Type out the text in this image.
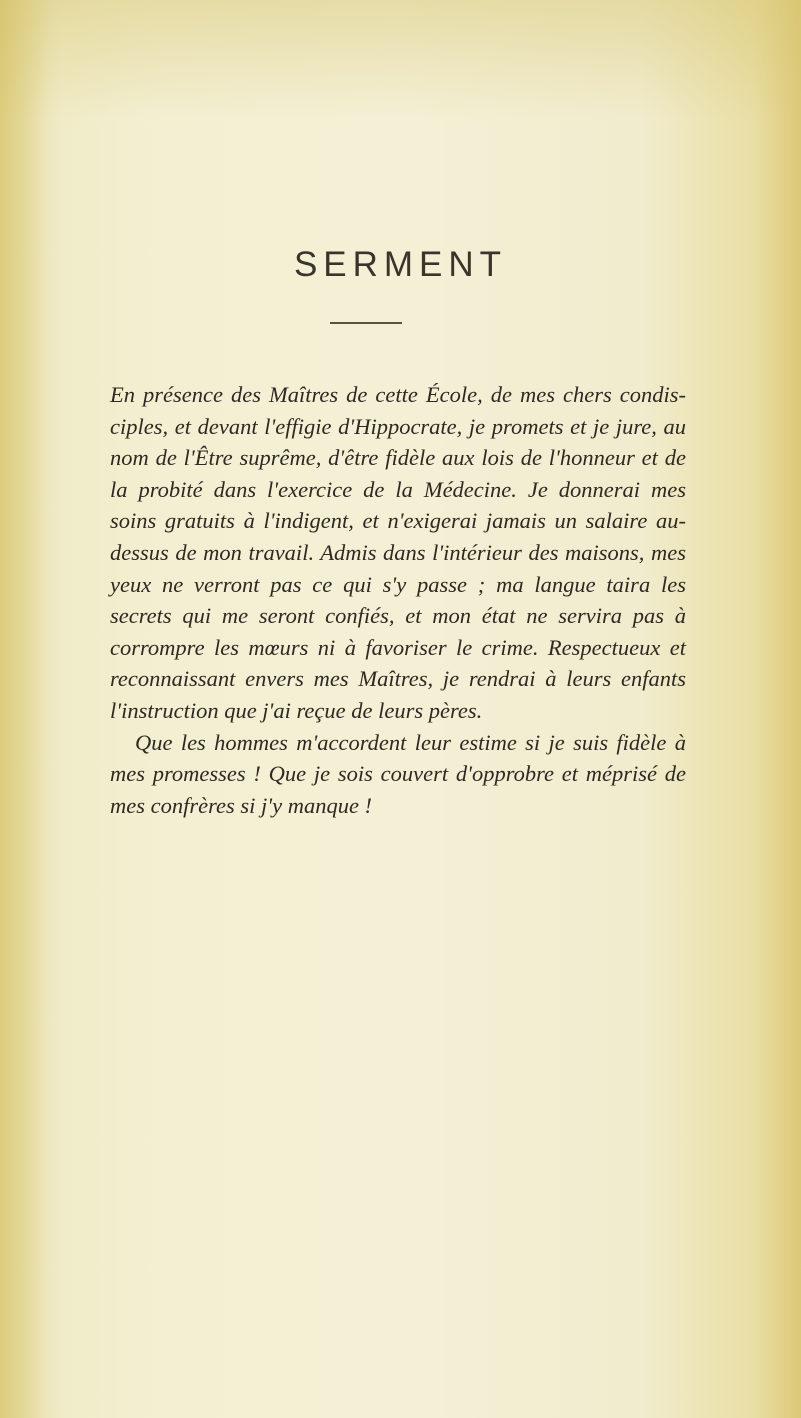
SERMENT

En présence des Maîtres de cette École, de mes chers condis-ciples, et devant l'effigie d'Hippocrate, je promets et je jure, au nom de l'Être suprême, d'être fidèle aux lois de l'honneur et de la probité dans l'exercice de la Médecine. Je donnerai mes soins gratuits à l'indigent, et n'exigerai jamais un salaire au-dessus de mon travail. Admis dans l'intérieur des maisons, mes yeux ne verront pas ce qui s'y passe ; ma langue taira les secrets qui me seront confiés, et mon état ne servira pas à corrompre les mœurs ni à favoriser le crime. Respectueux et reconnaissant envers mes Maîtres, je rendrai à leurs enfants l'instruction que j'ai reçue de leurs pères.

Que les hommes m'accordent leur estime si je suis fidèle à mes promesses ! Que je sois couvert d'opprobre et méprisé de mes confrères si j'y manque !
